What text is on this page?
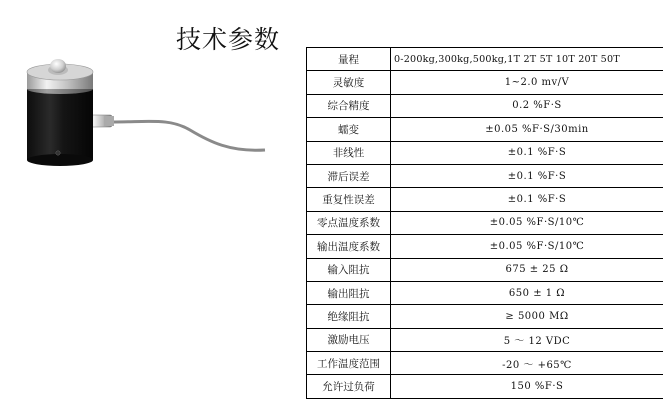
技术参数
量程	0-200kg,300kg,500kg,1T 2T 5T 10T 20T 50T
灵敏度	1~2.0 mv/V
综合精度	0.2 %F·S
蠕变	±0.05 %F·S/30min
非线性	±0.1 %F·S
滞后误差	±0.1 %F·S
重复性误差	±0.1 %F·S
零点温度系数	±0.05 %F·S/10℃
输出温度系数	±0.05 %F·S/10℃
输入阻抗	675 ± 25 Ω
输出阻抗	650 ± 1 Ω
绝缘阻抗	≥ 5000 MΩ
激励电压	5 ～ 12 VDC
工作温度范围	-20 ～ +65℃
允许过负荷	150 %F·S
